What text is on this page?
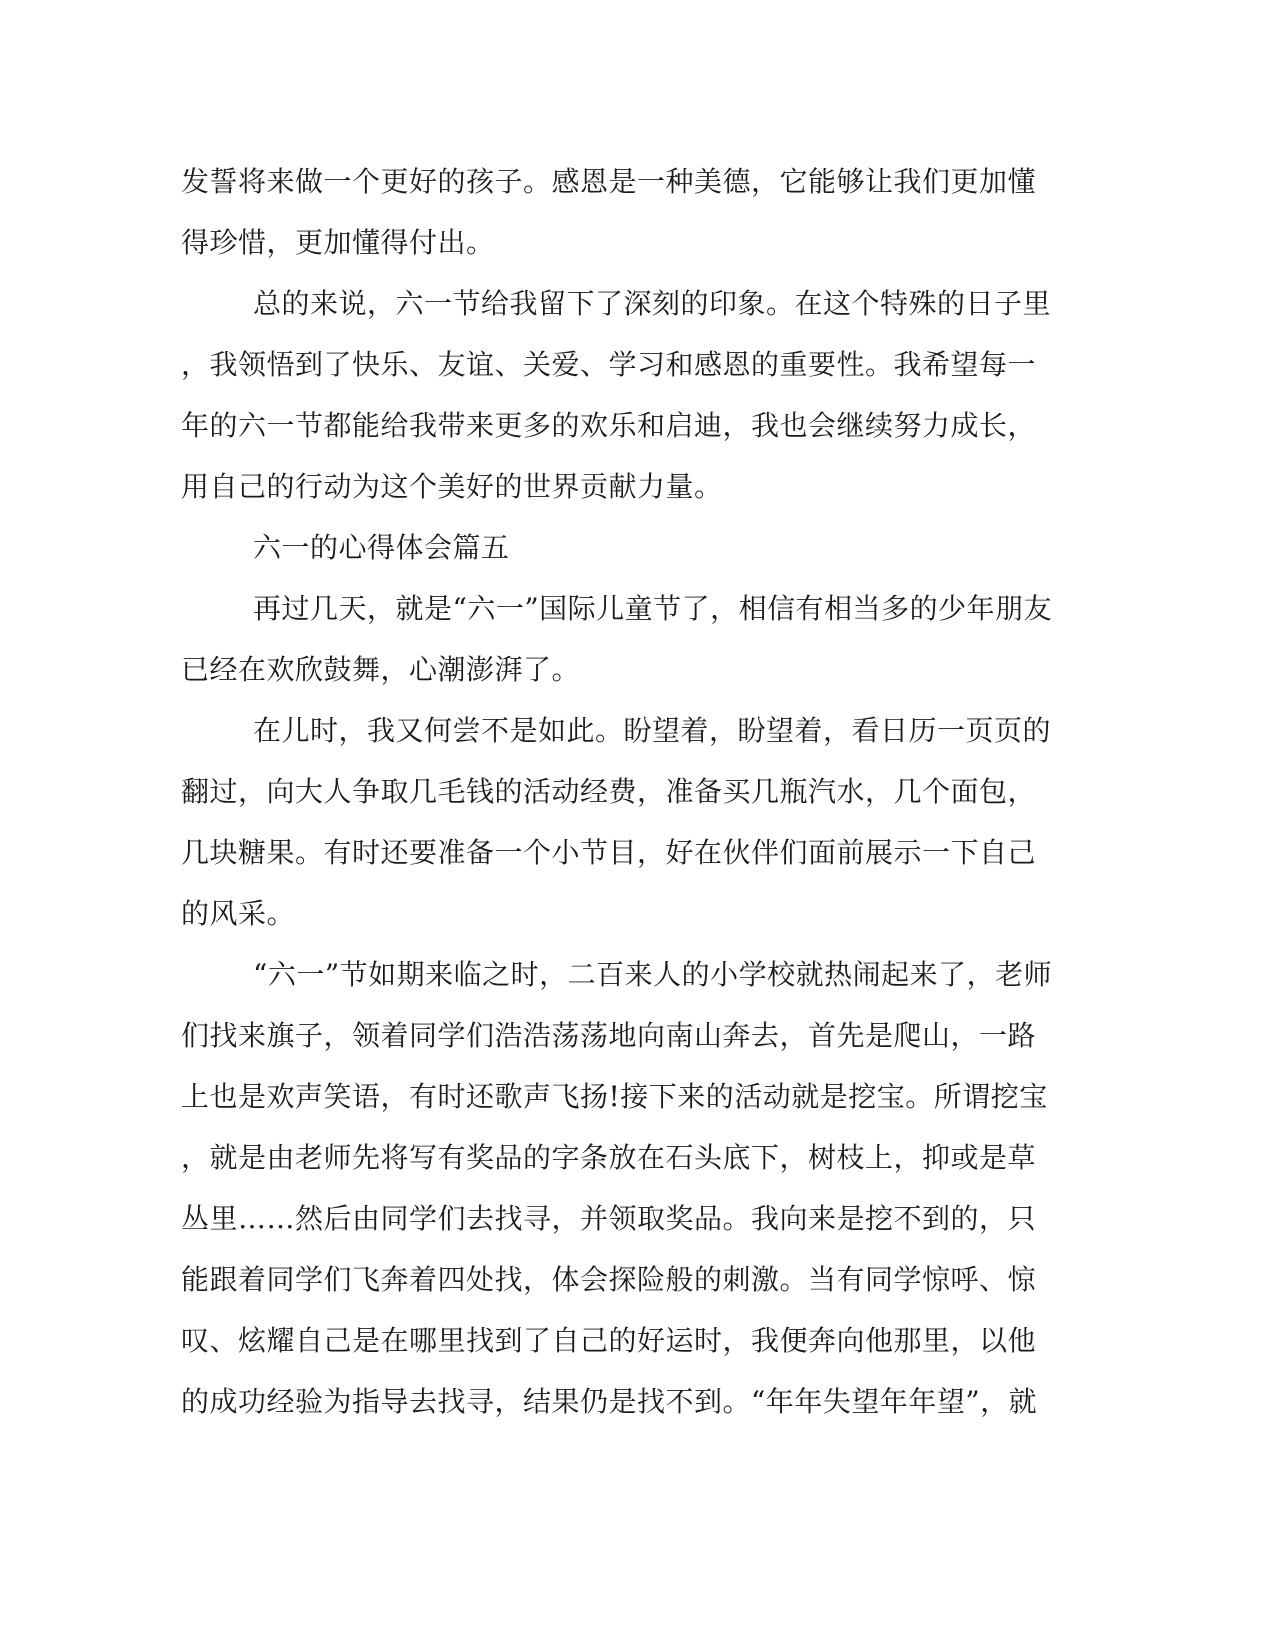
发誓将来做一个更好的孩子。感恩是一种美德，它能够让我们更加懂
得珍惜，更加懂得付出。
总的来说，六一节给我留下了深刻的印象。在这个特殊的日子里
，我领悟到了快乐、友谊、关爱、学习和感恩的重要性。我希望每一
年的六一节都能给我带来更多的欢乐和启迪，我也会继续努力成长，
用自己的行动为这个美好的世界贡献力量。
六一的心得体会篇五
再过几天，就是“六一”国际儿童节了，相信有相当多的少年朋友
已经在欢欣鼓舞，心潮澎湃了。
在儿时，我又何尝不是如此。盼望着，盼望着，看日历一页页的
翻过，向大人争取几毛钱的活动经费，准备买几瓶汽水，几个面包，
几块糖果。有时还要准备一个小节目，好在伙伴们面前展示一下自己
的风采。
“六一”节如期来临之时，二百来人的小学校就热闹起来了，老师
们找来旗子，领着同学们浩浩荡荡地向南山奔去，首先是爬山，一路
上也是欢声笑语，有时还歌声飞扬!接下来的活动就是挖宝。所谓挖宝
，就是由老师先将写有奖品的字条放在石头底下，树枝上，抑或是草
丛里……然后由同学们去找寻，并领取奖品。我向来是挖不到的，只
能跟着同学们飞奔着四处找，体会探险般的刺激。当有同学惊呼、惊
叹、炫耀自己是在哪里找到了自己的好运时，我便奔向他那里，以他
的成功经验为指导去找寻，结果仍是找不到。“年年失望年年望”，就
